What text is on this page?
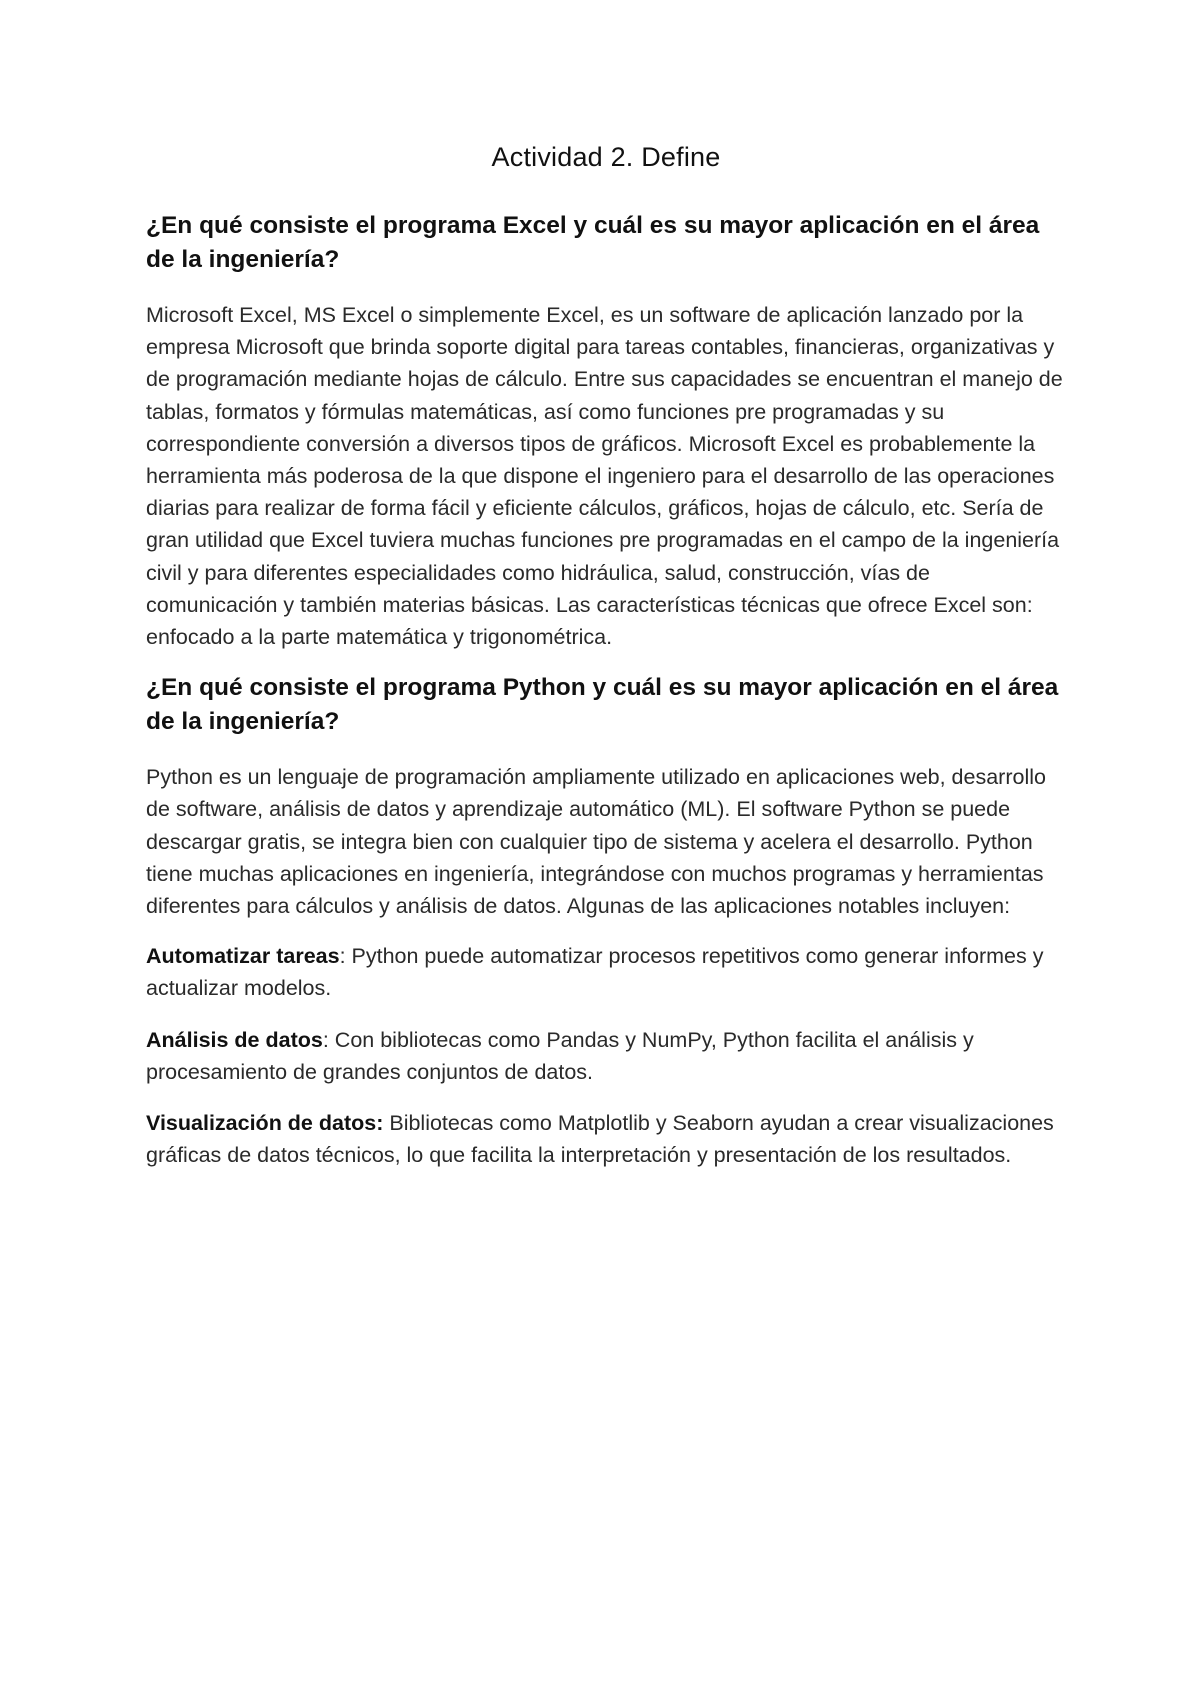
Actividad 2. Define
¿En qué consiste el programa Excel y cuál es su mayor aplicación en el área de la ingeniería?

Microsoft Excel, MS Excel o simplemente Excel, es un software de aplicación lanzado por la empresa Microsoft que brinda soporte digital para tareas contables, financieras, organizativas y de programación mediante hojas de cálculo. Entre sus capacidades se encuentran el manejo de tablas, formatos y fórmulas matemáticas, así como funciones pre programadas y su correspondiente conversión a diversos tipos de gráficos. Microsoft Excel es probablemente la herramienta más poderosa de la que dispone el ingeniero para el desarrollo de las operaciones diarias para realizar de forma fácil y eficiente cálculos, gráficos, hojas de cálculo, etc. Sería de gran utilidad que Excel tuviera muchas funciones pre programadas en el campo de la ingeniería civil y para diferentes especialidades como hidráulica, salud, construcción, vías de comunicación y también materias básicas. Las características técnicas que ofrece Excel son: enfocado a la parte matemática y trigonométrica.

¿En qué consiste el programa Python y cuál es su mayor aplicación en el área de la ingeniería?

Python es un lenguaje de programación ampliamente utilizado en aplicaciones web, desarrollo de software, análisis de datos y aprendizaje automático (ML). El software Python se puede descargar gratis, se integra bien con cualquier tipo de sistema y acelera el desarrollo. Python tiene muchas aplicaciones en ingeniería, integrándose con muchos programas y herramientas diferentes para cálculos y análisis de datos. Algunas de las aplicaciones notables incluyen:

Automatizar tareas: Python puede automatizar procesos repetitivos como generar informes y actualizar modelos.

Análisis de datos: Con bibliotecas como Pandas y NumPy, Python facilita el análisis y procesamiento de grandes conjuntos de datos.

Visualización de datos: Bibliotecas como Matplotlib y Seaborn ayudan a crear visualizaciones gráficas de datos técnicos, lo que facilita la interpretación y presentación de los resultados.
